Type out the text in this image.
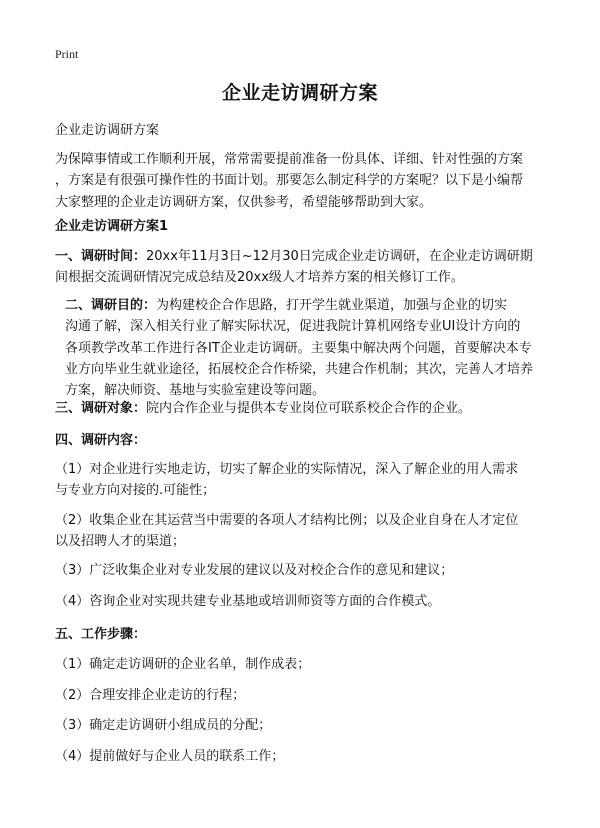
Print
企业走访调研方案

企业走访调研方案

为保障事情或工作顺利开展，常常需要提前准备一份具体、详细、针对性强的方案
，方案是有很强可操作性的书面计划。那要怎么制定科学的方案呢？以下是小编帮
大家整理的企业走访调研方案，仅供参考，希望能够帮助到大家。

企业走访调研方案1

一、调研时间：20xx年11月3日~12月30日完成企业走访调研，在企业走访调研期
间根据交流调研情况完成总结及20xx级人才培养方案的相关修订工作。

二、调研目的：为构建校企合作思路，打开学生就业渠道，加强与企业的切实
沟通了解，深入相关行业了解实际状况，促进我院计算机网络专业UI设计方向的
各项教学改革工作进行各IT企业走访调研。主要集中解决两个问题，首要解决本专
业方向毕业生就业途径，拓展校企合作桥梁，共建合作机制；其次，完善人才培养
方案，解决师资、基地与实验室建设等问题。

三、调研对象：院内合作企业与提供本专业岗位可联系校企合作的企业。

四、调研内容：

（1）对企业进行实地走访，切实了解企业的实际情况，深入了解企业的用人需求
与专业方向对接的.可能性；

（2）收集企业在其运营当中需要的各项人才结构比例；以及企业自身在人才定位
以及招聘人才的渠道；

（3）广泛收集企业对专业发展的建议以及对校企合作的意见和建议；

（4）咨询企业对实现共建专业基地或培训师资等方面的合作模式。

五、工作步骤：

（1）确定走访调研的企业名单，制作成表；

（2）合理安排企业走访的行程；

（3）确定走访调研小组成员的分配；

（4）提前做好与企业人员的联系工作；
